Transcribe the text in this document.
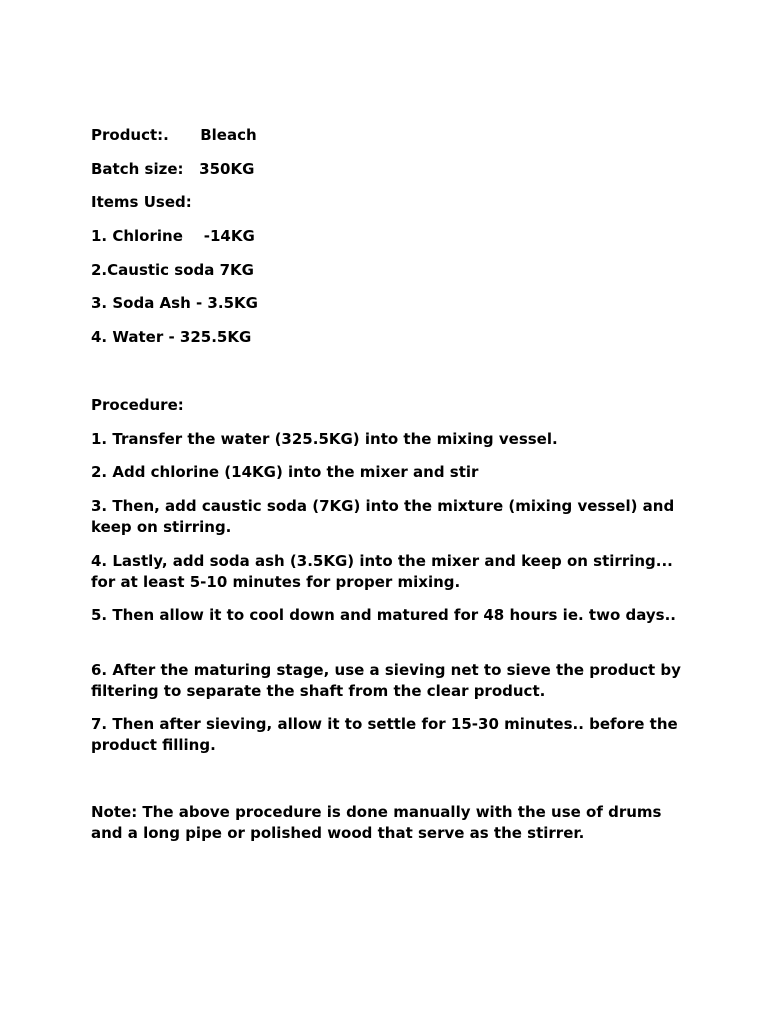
Product:.      Bleach
Batch size:   350KG
Items Used:
1. Chlorine    -14KG
2.Caustic soda 7KG
3. Soda Ash - 3.5KG
4. Water - 325.5KG
Procedure:
1. Transfer the water (325.5KG) into the mixing vessel.
2. Add chlorine (14KG) into the mixer and stir
3. Then, add caustic soda (7KG) into the mixture (mixing vessel) and keep on stirring.
4. Lastly, add soda ash (3.5KG) into the mixer and keep on stirring... for at least 5-10 minutes for proper mixing.
5. Then allow it to cool down and matured for 48 hours ie. two days..
6. After the maturing stage, use a sieving net to sieve the product by filtering to separate the shaft from the clear product.
7. Then after sieving, allow it to settle for 15-30 minutes.. before the product filling.
Note: The above procedure is done manually with the use of drums and a long pipe or polished wood that serve as the stirrer.
